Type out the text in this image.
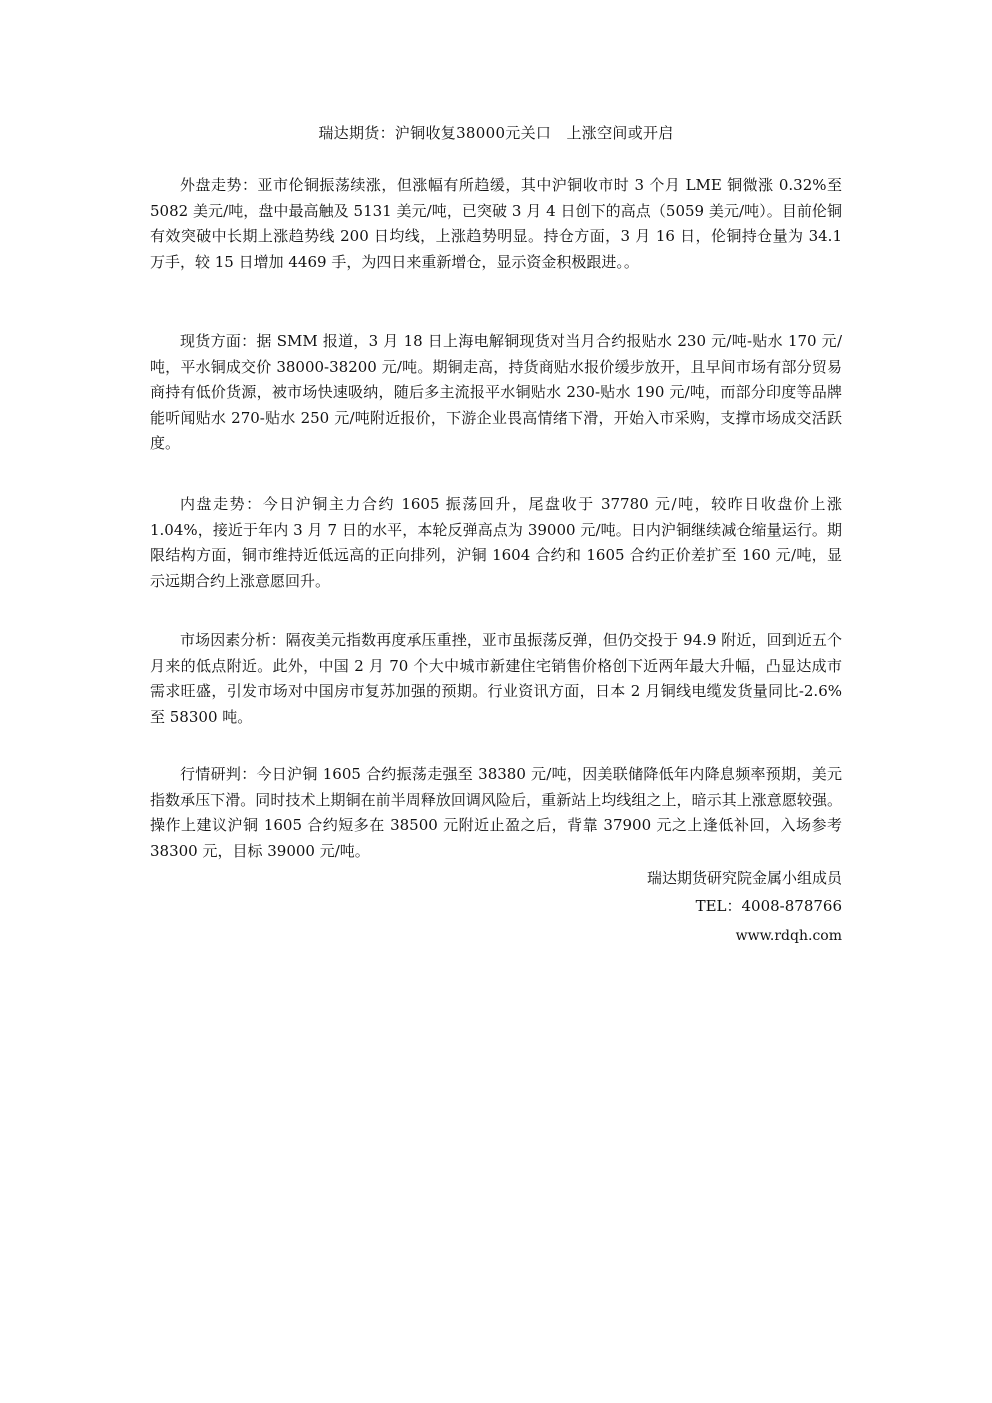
瑞达期货：沪铜收复38000元关口　上涨空间或开启

外盘走势：亚市伦铜振荡续涨，但涨幅有所趋缓，其中沪铜收市时 3 个月 LME 铜微涨 0.32%至 5082 美元/吨，盘中最高触及 5131 美元/吨，已突破 3 月 4 日创下的高点（5059 美元/吨）。目前伦铜有效突破中长期上涨趋势线 200 日均线，上涨趋势明显。持仓方面，3 月 16 日，伦铜持仓量为 34.1 万手，较 15 日增加 4469 手，为四日来重新增仓，显示资金积极跟进。。

现货方面：据 SMM 报道，3 月 18 日上海电解铜现货对当月合约报贴水 230 元/吨-贴水 170 元/吨，平水铜成交价 38000-38200 元/吨。期铜走高，持货商贴水报价缓步放开，且早间市场有部分贸易商持有低价货源，被市场快速吸纳，随后多主流报平水铜贴水 230-贴水 190 元/吨，而部分印度等品牌能听闻贴水 270-贴水 250 元/吨附近报价，下游企业畏高情绪下滑，开始入市采购，支撑市场成交活跃度。

内盘走势：今日沪铜主力合约 1605 振荡回升，尾盘收于 37780 元/吨，较昨日收盘价上涨 1.04%，接近于年内 3 月 7 日的水平，本轮反弹高点为 39000 元/吨。日内沪铜继续减仓缩量运行。期限结构方面，铜市维持近低远高的正向排列，沪铜 1604 合约和 1605 合约正价差扩至 160 元/吨，显示远期合约上涨意愿回升。

市场因素分析：隔夜美元指数再度承压重挫，亚市虽振荡反弹，但仍交投于 94.9 附近，回到近五个月来的低点附近。此外，中国 2 月 70 个大中城市新建住宅销售价格创下近两年最大升幅，凸显达成市需求旺盛，引发市场对中国房市复苏加强的预期。行业资讯方面，日本 2 月铜线电缆发货量同比-2.6%至 58300 吨。

行情研判：今日沪铜 1605 合约振荡走强至 38380 元/吨，因美联储降低年内降息频率预期，美元指数承压下滑。同时技术上期铜在前半周释放回调风险后，重新站上均线组之上，暗示其上涨意愿较强。操作上建议沪铜 1605 合约短多在 38500 元附近止盈之后，背靠 37900 元之上逢低补回，入场参考 38300 元，目标 39000 元/吨。

瑞达期货研究院金属小组成员
TEL：4008-878766
www.rdqh.com
